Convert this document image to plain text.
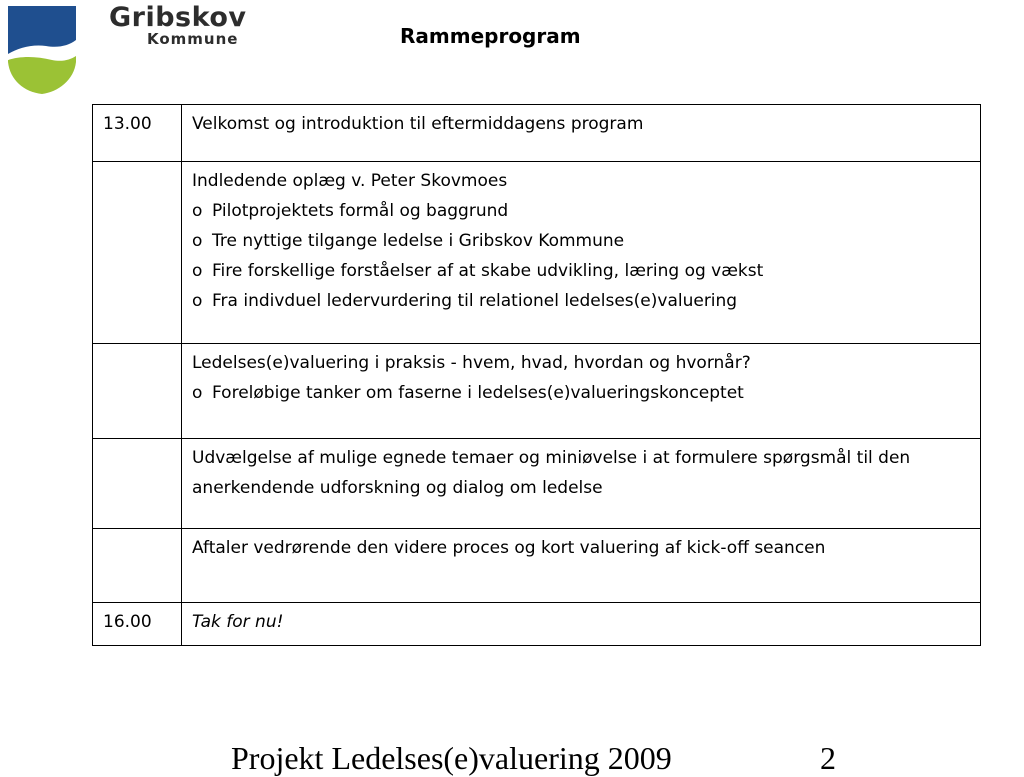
Gribskov
Kommune	Rammeprogram
13.00	Velkomst og introduktion til eftermiddagens program

	Indledende oplæg v. Peter Skovmoes
o Pilotprojektets formål og baggrund
o Tre nyttige tilgange ledelse i Gribskov Kommune
o Fire forskellige forståelser af at skabe udvikling, læring og vækst
o Fra indivduel ledervurdering til relationel ledelses(e)valuering

	Ledelses(e)valuering i praksis - hvem, hvad, hvordan og hvornår?
o Foreløbige tanker om faserne i ledelses(e)valueringskonceptet

	Udvælgelse af mulige egnede temaer og miniøvelse i at formulere spørgsmål til den anerkendende udforskning og dialog om ledelse

	Aftaler vedrørende den videre proces og kort valuering af kick-off seancen

16.00	Tak for nu!
Projekt Ledelses(e)valuering 2009	2
